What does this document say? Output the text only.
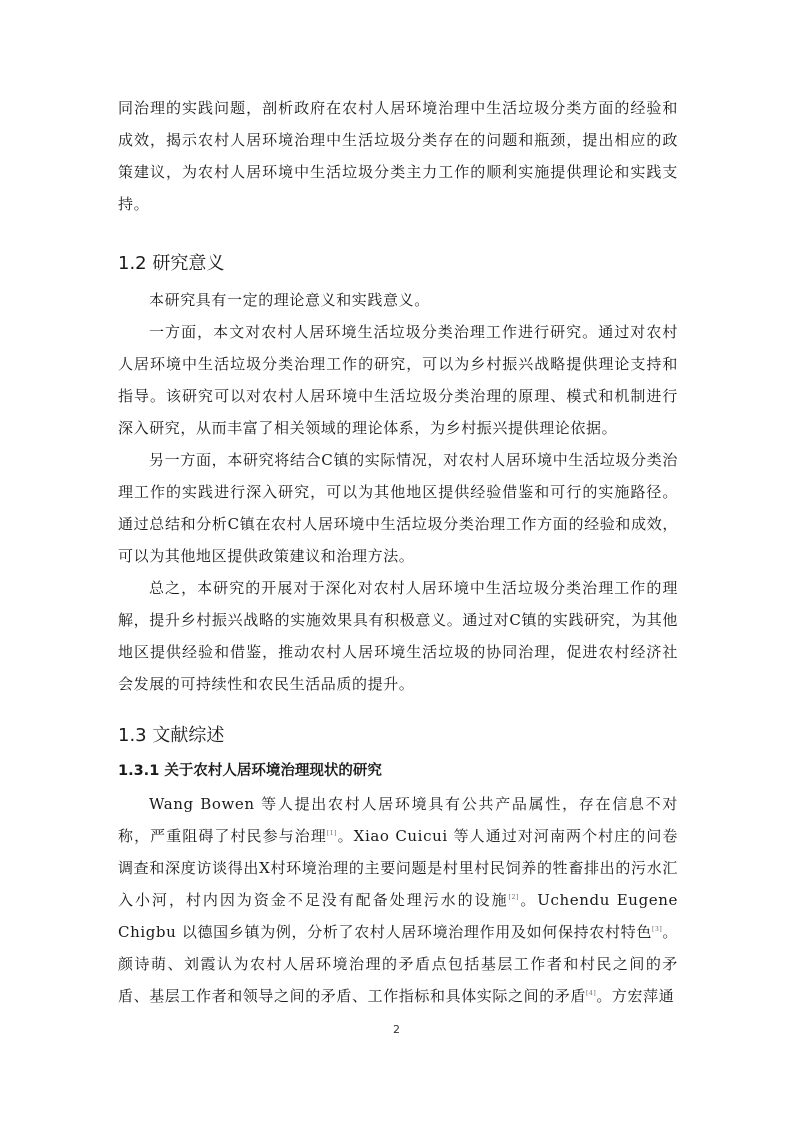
同治理的实践问题，剖析政府在农村人居环境治理中生活垃圾分类方面的经验和成效，揭示农村人居环境治理中生活垃圾分类存在的问题和瓶颈，提出相应的政策建议，为农村人居环境中生活垃圾分类主力工作的顺利实施提供理论和实践支持。

1.2 研究意义

本研究具有一定的理论意义和实践意义。

一方面，本文对农村人居环境生活垃圾分类治理工作进行研究。通过对农村人居环境中生活垃圾分类治理工作的研究，可以为乡村振兴战略提供理论支持和指导。该研究可以对农村人居环境中生活垃圾分类治理的原理、模式和机制进行深入研究，从而丰富了相关领域的理论体系，为乡村振兴提供理论依据。

另一方面，本研究将结合C镇的实际情况，对农村人居环境中生活垃圾分类治理工作的实践进行深入研究，可以为其他地区提供经验借鉴和可行的实施路径。通过总结和分析C镇在农村人居环境中生活垃圾分类治理工作方面的经验和成效，可以为其他地区提供政策建议和治理方法。

总之，本研究的开展对于深化对农村人居环境中生活垃圾分类治理工作的理解，提升乡村振兴战略的实施效果具有积极意义。通过对C镇的实践研究，为其他地区提供经验和借鉴，推动农村人居环境生活垃圾的协同治理，促进农村经济社会发展的可持续性和农民生活品质的提升。

1.3 文献综述
1.3.1 关于农村人居环境治理现状的研究

Wang Bowen 等人提出农村人居环境具有公共产品属性，存在信息不对称，严重阻碍了村民参与治理[1]。Xiao Cuicui 等人通过对河南两个村庄的问卷调查和深度访谈得出X村环境治理的主要问题是村里村民饲养的牲畜排出的污水汇入小河，村内因为资金不足没有配备处理污水的设施[2]。Uchendu Eugene Chigbu 以德国乡镇为例，分析了农村人居环境治理作用及如何保持农村特色[3]。颜诗萌、刘霞认为农村人居环境治理的矛盾点包括基层工作者和村民之间的矛盾、基层工作者和领导之间的矛盾、工作指标和具体实际之间的矛盾[4]。方宏萍通

2
